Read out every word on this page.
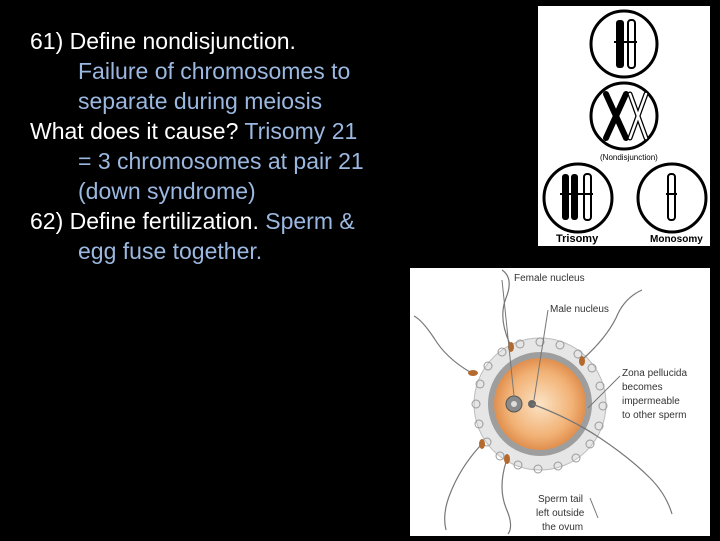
61) Define nondisjunction.

Failure of chromosomes to

separate during meiosis

What does it cause? Trisomy 21

= 3 chromosomes at pair 21

(down syndrome)

62) Define fertilization. Sperm &

egg fuse together.

(Nondisjunction)
Trisomy	Monosomy
Female nucleus
Male nucleus
Zona pellucida
becomes
impermeable
to other sperm
Sperm tail
left outside
the ovum
